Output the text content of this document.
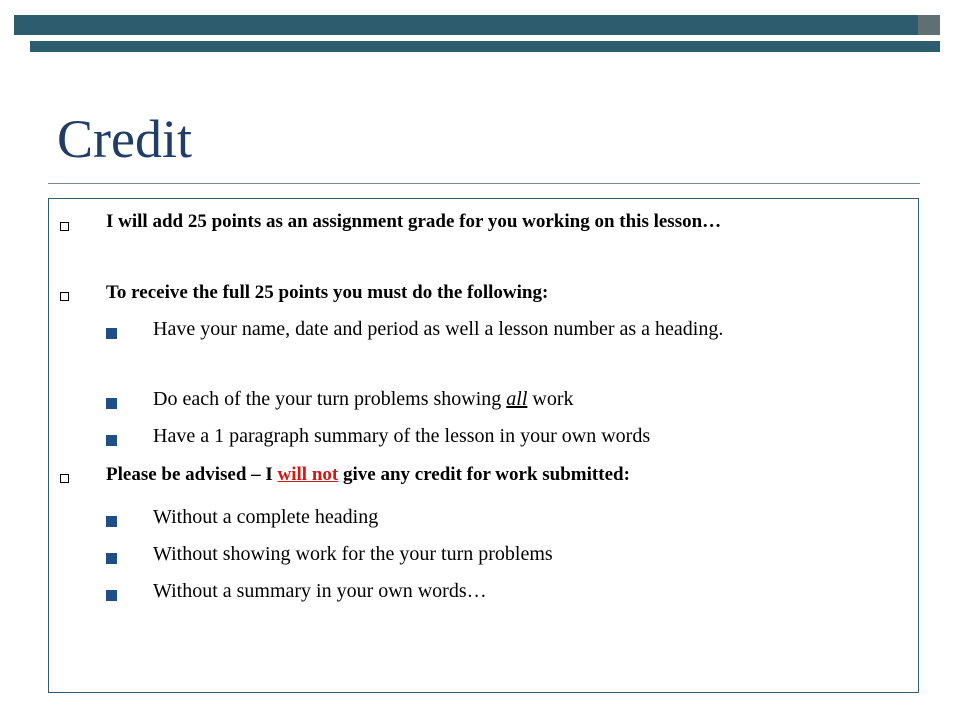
Credit
I will add 25 points as an assignment grade for you working on this lesson…
To receive the full 25 points you must do the following:
Have your name, date and period as well a lesson number as a heading.
Do each of the your turn problems showing all work
Have a 1 paragraph summary of the lesson in your own words
Please be advised – I will not give any credit for work submitted:
Without a complete heading
Without showing work for the your turn problems
Without a summary in your own words…
